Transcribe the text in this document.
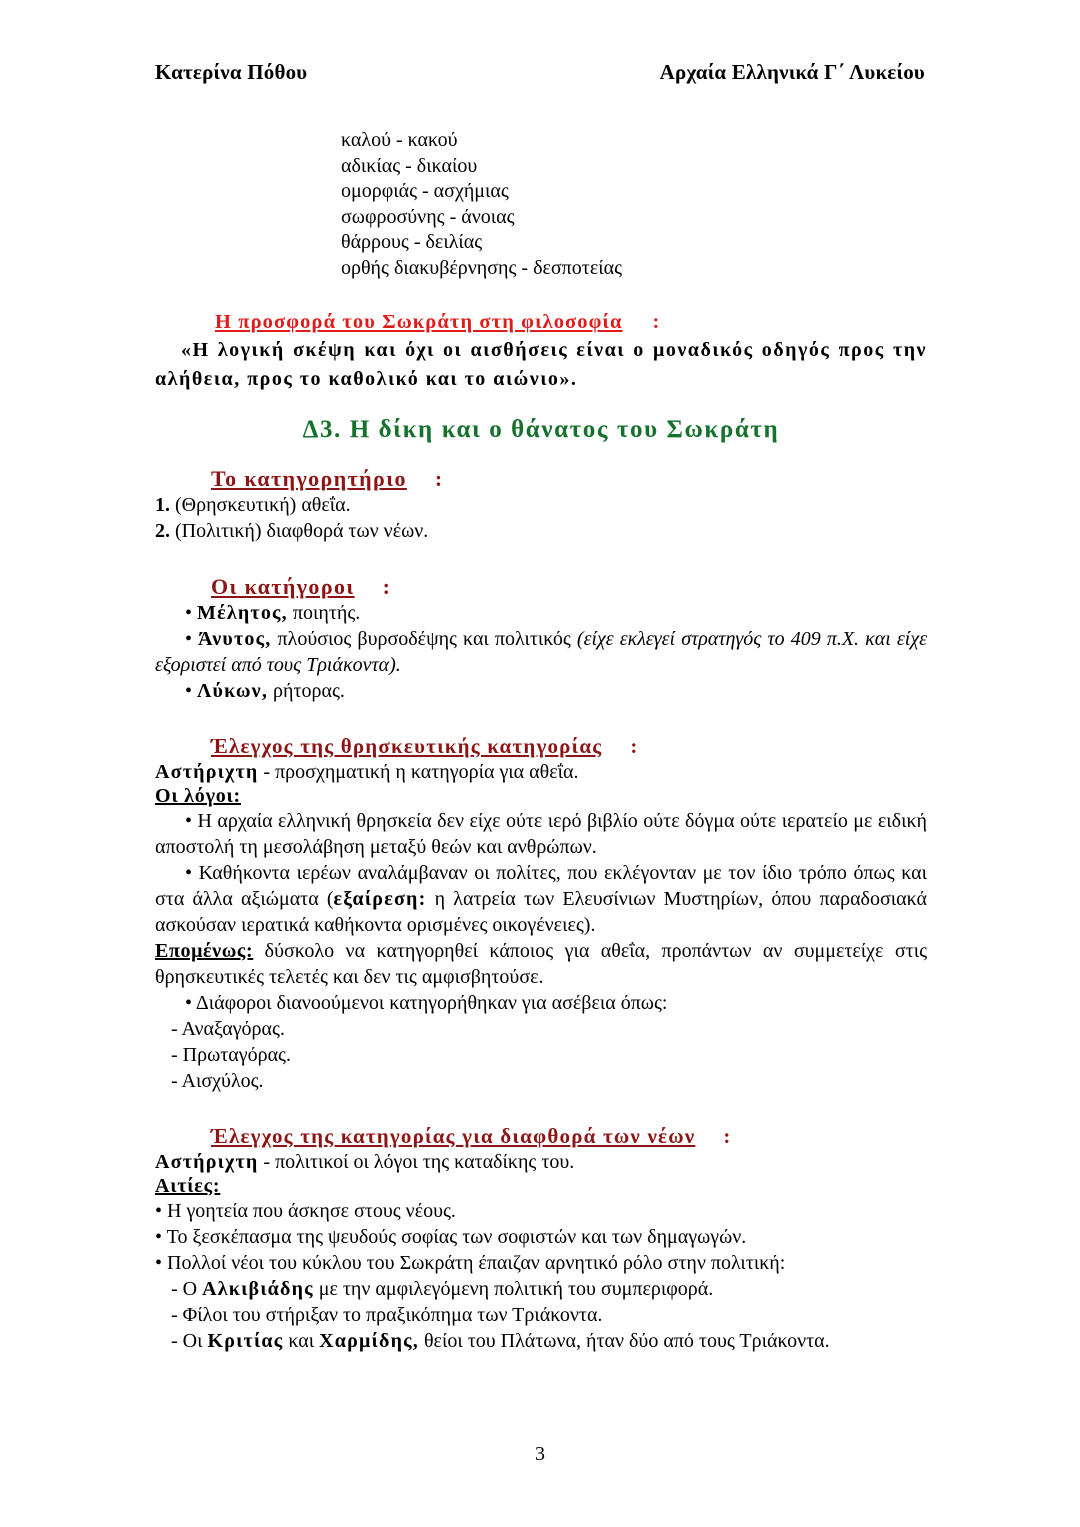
Κατερίνα Πόθου	Αρχαία Ελληνικά Γ΄ Λυκείου
καλού - κακού
αδικίας - δικαίου
ομορφιάς - ασχήμιας
σωφροσύνης - άνοιας
θάρρους - δειλίας
ορθής διακυβέρνησης - δεσποτείας
Η προσφορά του Σωκράτη στη φιλοσοφία :

«Η λογική σκέψη και όχι οι αισθήσεις είναι ο μοναδικός οδηγός προς την αλήθεια, προς το καθολικό και το αιώνιο».

Δ3. Η δίκη και ο θάνατος του Σωκράτη

Το κατηγορητήριο :

1. (Θρησκευτική) αθεΐα.

2. (Πολιτική) διαφθορά των νέων.

Οι κατήγοροι :

• Μέλητος, ποιητής.

• Άνυτος, πλούσιος βυρσοδέψης και πολιτικός (είχε εκλεγεί στρατηγός το 409 π.Χ. και είχε εξοριστεί από τους Τριάκοντα).

• Λύκων, ρήτορας.

Έλεγχος της θρησκευτικής κατηγορίας :

Αστήριχτη - προσχηματική η κατηγορία για αθεΐα.

Οι λόγοι:

• Η αρχαία ελληνική θρησκεία δεν είχε ούτε ιερό βιβλίο ούτε δόγμα ούτε ιερατείο με ειδική αποστολή τη μεσολάβηση μεταξύ θεών και ανθρώπων.

• Καθήκοντα ιερέων αναλάμβαναν οι πολίτες, που εκλέγονταν με τον ίδιο τρόπο όπως και στα άλλα αξιώματα (εξαίρεση: η λατρεία των Ελευσίνιων Μυστηρίων, όπου παραδοσιακά ασκούσαν ιερατικά καθήκοντα ορισμένες οικογένειες).

Επομένως: δύσκολο να κατηγορηθεί κάποιος για αθεΐα, προπάντων αν συμμετείχε στις θρησκευτικές τελετές και δεν τις αμφισβητούσε.

• Διάφοροι διανοούμενοι κατηγορήθηκαν για ασέβεια όπως:

- Αναξαγόρας.

- Πρωταγόρας.

- Αισχύλος.

Έλεγχος της κατηγορίας για διαφθορά των νέων :

Αστήριχτη - πολιτικοί οι λόγοι της καταδίκης του.

Αιτίες:

• Η γοητεία που άσκησε στους νέους.

• Το ξεσκέπασμα της ψευδούς σοφίας των σοφιστών και των δημαγωγών.

• Πολλοί νέοι του κύκλου του Σωκράτη έπαιζαν αρνητικό ρόλο στην πολιτική:

- Ο Αλκιβιάδης με την αμφιλεγόμενη πολιτική του συμπεριφορά.

- Φίλοι του στήριξαν το πραξικόπημα των Τριάκοντα.

- Οι Κριτίας και Χαρμίδης, θείοι του Πλάτωνα, ήταν δύο από τους Τριάκοντα.

3
